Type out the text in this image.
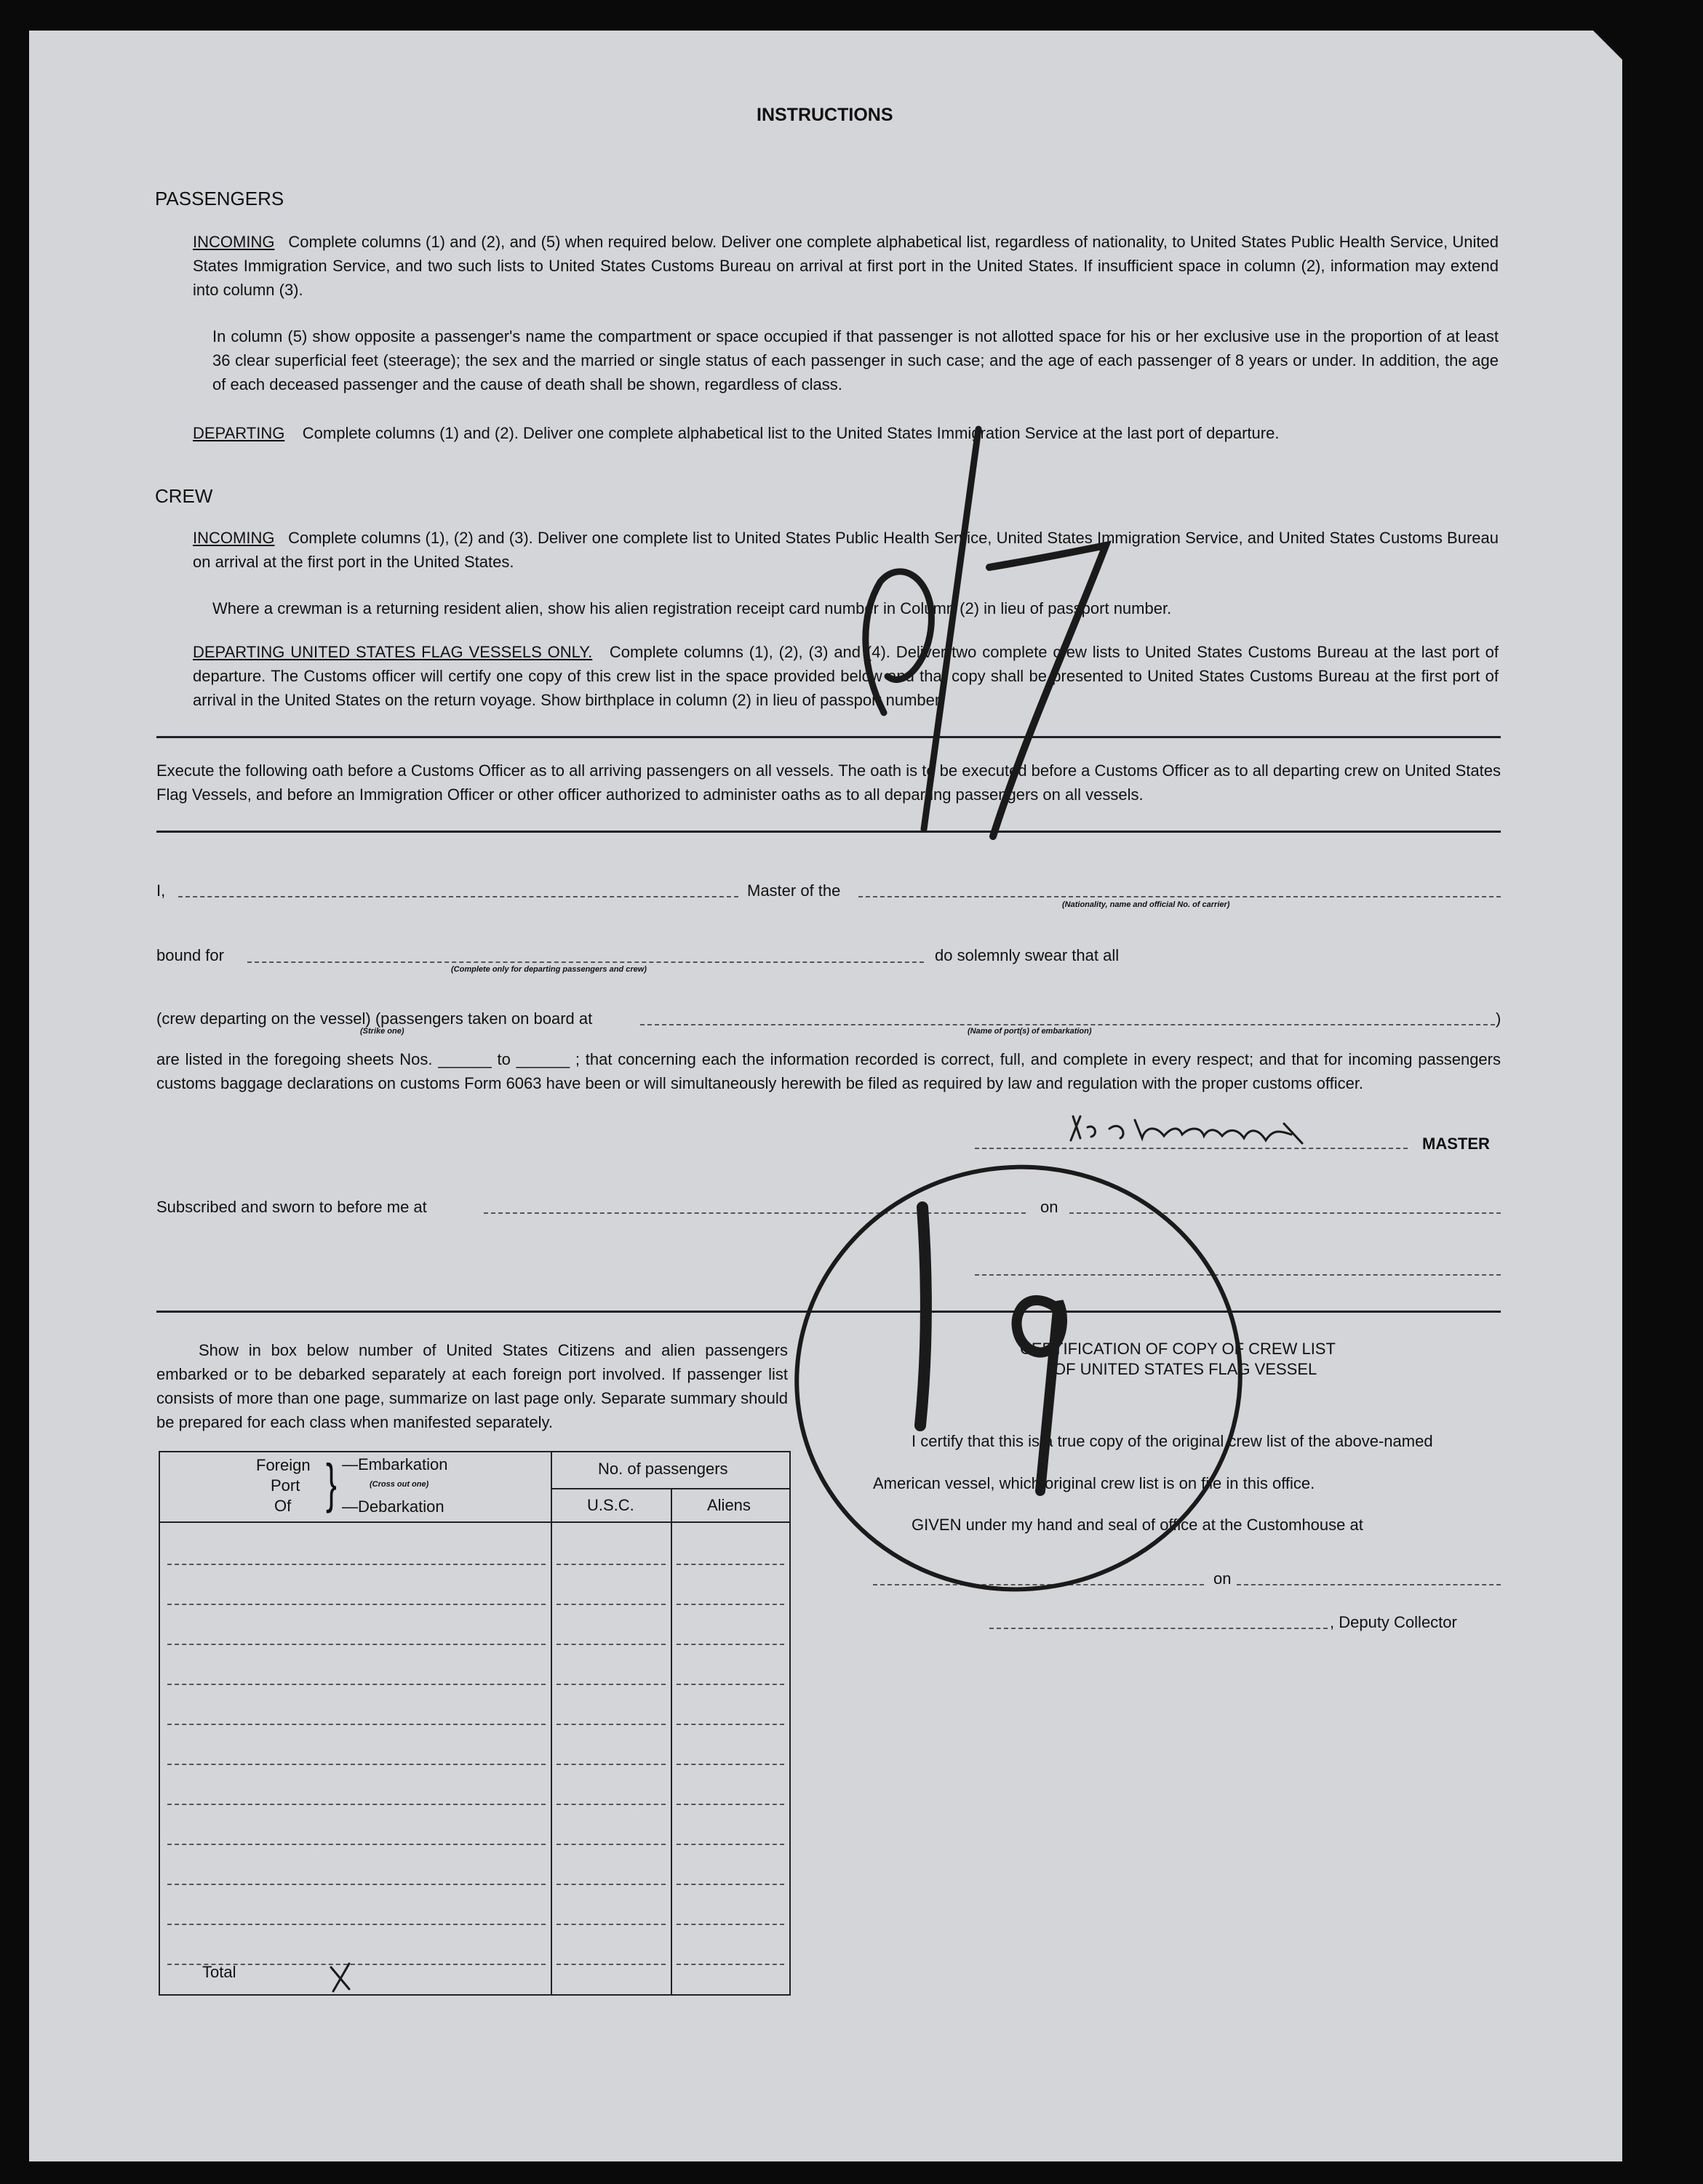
INSTRUCTIONS
PASSENGERS
INCOMING Complete columns (1) and (2), and (5) when required below. Deliver one complete alphabetical list, regardless of nationality, to United States Public Health Service, United States Immigration Service, and two such lists to United States Customs Bureau on arrival at first port in the United States. If insufficient space in column (2), information may extend into column (3).
In column (5) show opposite a passenger's name the compartment or space occupied if that passenger is not allotted space for his or her exclusive use in the proportion of at least 36 clear superficial feet (steerage); the sex and the married or single status of each passenger in such case; and the age of each passenger of 8 years or under. In addition, the age of each deceased passenger and the cause of death shall be shown, regardless of class.
DEPARTING Complete columns (1) and (2). Deliver one complete alphabetical list to the United States Immigration Service at the last port of departure.
CREW
INCOMING Complete columns (1), (2) and (3). Deliver one complete list to United States Public Health Service, United States Immigration Service, and United States Customs Bureau on arrival at the first port in the United States.
Where a crewman is a returning resident alien, show his alien registration receipt card number in Column (2) in lieu of passport number.
DEPARTING UNITED STATES FLAG VESSELS ONLY. Complete columns (1), (2), (3) and (4). Deliver two complete crew lists to United States Customs Bureau at the last port of departure. The Customs officer will certify one copy of this crew list in the space provided below and that copy shall be presented to United States Customs Bureau at the first port of arrival in the United States on the return voyage. Show birthplace in column (2) in lieu of passport number.
Execute the following oath before a Customs Officer as to all arriving passengers on all vessels. The oath is to be executed before a Customs Officer as to all departing crew on United States Flag Vessels, and before an Immigration Officer or other officer authorized to administer oaths as to all departing passengers on all vessels.
I,	Master of the
(Nationality, name and official No. of carrier)
bound for
(Complete only for departing passengers and crew)
do solemnly swear that all
(crew departing on the vessel) (passengers taken on board at	)
(Strike one)	(Name of port(s) of embarkation)
are listed in the foregoing sheets Nos. ______ to ______ ; that concerning each the information recorded is correct, full, and complete in every respect; and that for incoming passengers customs baggage declarations on customs Form 6063 have been or will simultaneously herewith be filed as required by law and regulation with the proper customs officer.
MASTER
Subscribed and sworn to before me at	on
Show in box below number of United States Citizens and alien passengers embarked or to be debarked separately at each foreign port involved. If passenger list consists of more than one page, summarize on last page only. Separate summary should be prepared for each class when manifested separately.
Foreign
Port
Of } —Embarkation
(Cross out one)
—Debarkation
No. of passengers
U.S.C.	Aliens
Total
CERTIFICATION OF COPY OF CREW LIST
OF UNITED STATES FLAG VESSEL
I certify that this is a true copy of the original crew list of the above-named
American vessel, which original crew list is on file in this office.
GIVEN under my hand and seal of office at the Customhouse at
on
, Deputy Collector
